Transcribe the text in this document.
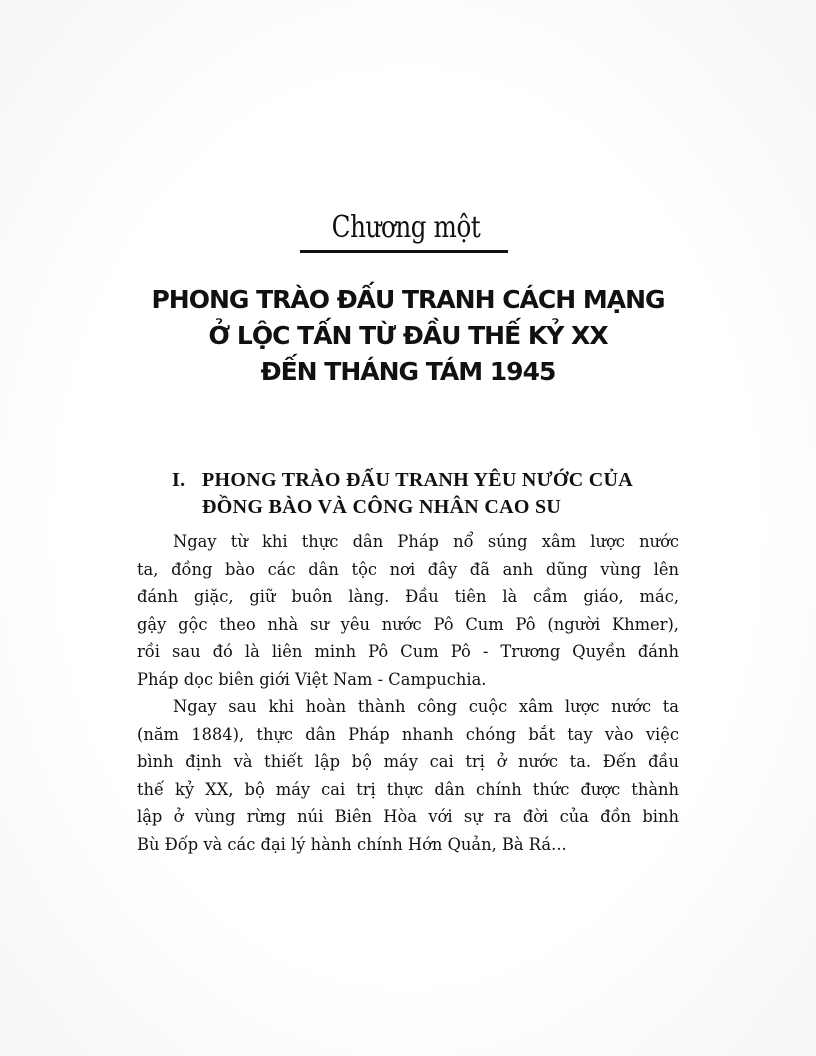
Chương một
PHONG TRÀO ĐẤU TRANH CÁCH MẠNG
Ở LỘC TẤN TỪ ĐẦU THẾ KỶ XX
ĐẾN THÁNG TÁM 1945
I. PHONG TRÀO ĐẤU TRANH YÊU NƯỚC CỦA
ĐỒNG BÀO VÀ CÔNG NHÂN CAO SU
Ngay từ khi thực dân Pháp nổ súng xâm lược nước
ta, đồng bào các dân tộc nơi đây đã anh dũng vùng lên
đánh giặc, giữ buôn làng. Đầu tiên là cầm giáo, mác,
gậy gộc theo nhà sư yêu nước Pô Cum Pô (người Khmer),
rồi sau đó là liên minh Pô Cum Pô - Trương Quyền đánh
Pháp dọc biên giới Việt Nam - Campuchia.
Ngay sau khi hoàn thành công cuộc xâm lược nước ta
(năm 1884), thực dân Pháp nhanh chóng bắt tay vào việc
bình định và thiết lập bộ máy cai trị ở nước ta. Đến đầu
thế kỷ XX, bộ máy cai trị thực dân chính thức được thành
lập ở vùng rừng núi Biên Hòa với sự ra đời của đồn binh
Bù Đốp và các đại lý hành chính Hớn Quản, Bà Rá...
